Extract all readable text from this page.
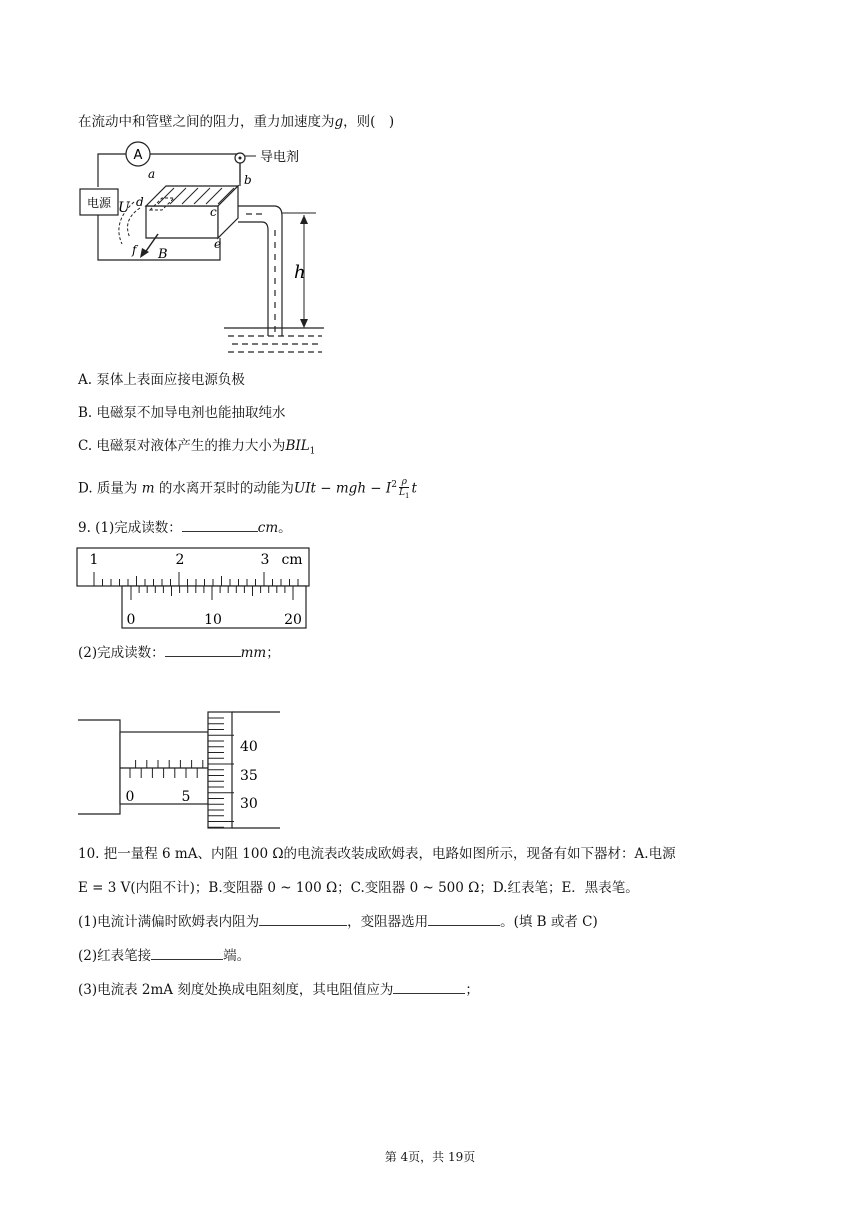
在流动中和管壁之间的阻力，重力加速度为g，则(　)
A
电源
导电剂
h
U
a	b
c
d
e
f B
A. 泵体上表面应接电源负极
B. 电磁泵不加导电剂也能抽取纯水
C. 电磁泵对液体产生的推力大小为$BIL_1$
D. 质量为 m 的水离开泵时的动能为UIt − mgh − $I^2 \frac{\rho}{L_1}$ t
9. (1)完成读数：	cm。
1	2	3 cm
0	10	20
(2)完成读数：	mm；
0	5
40
35
30
10. 把一量程 6 mA、内阻 100 Ω的电流表改装成欧姆表，电路如图所示，现备有如下器材：A.电源
E = 3 V(内阻不计)；B.变阻器 0 ~ 100 Ω；C.变阻器 0 ~ 500 Ω；D.红表笔；E．黑表笔。
(1)电流计满偏时欧姆表内阻为	，变阻器选用	。(填 B 或者 C)
(2)红表笔接	端。
(3)电流表 2mA 刻度处换成电阻刻度，其电阻值应为	；
第 4页，共 19页
